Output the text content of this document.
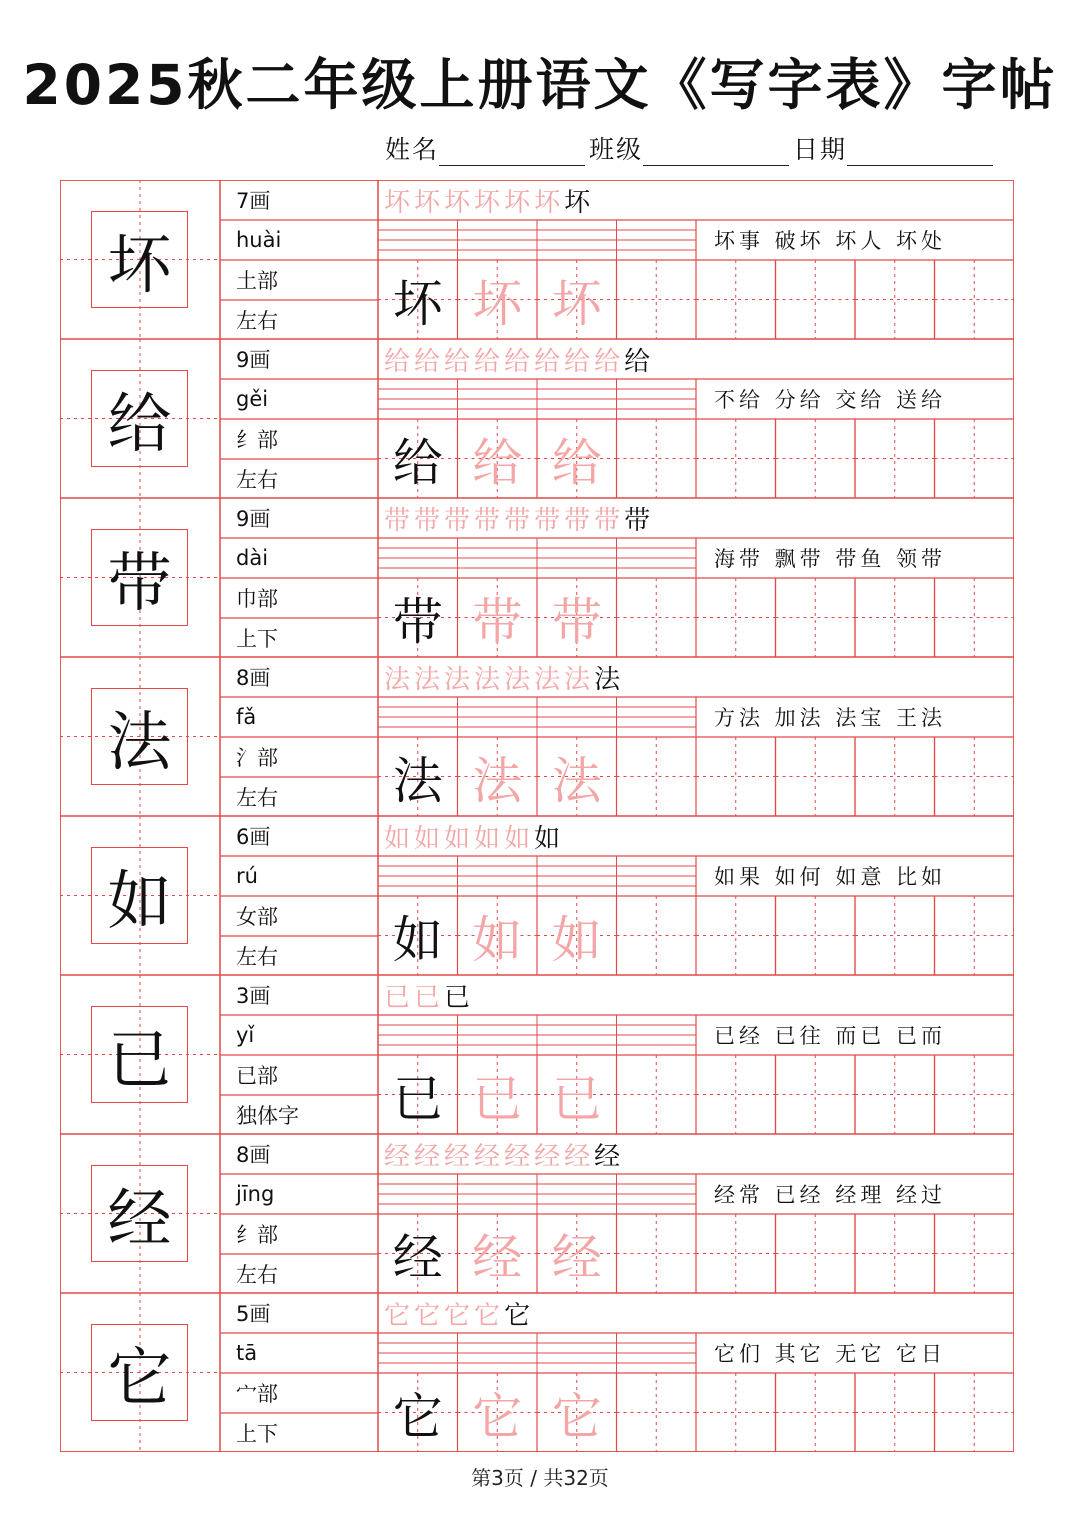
2025秋二年级上册语文《写字表》字帖
姓名	班级	日期
坏
7画
huài
土部
左右
坏 坏 坏 坏 坏 坏 坏
坏事 破坏 坏人 坏处
坏 坏 坏
给
9画
gěi
纟部
左右
给 给 给 给 给 给 给 给 给
不给 分给 交给 送给
给 给 给
带
9画
dài
巾部
上下
带 带 带 带 带 带 带 带 带
海带 飘带 带鱼 领带
带 带 带
法
8画
fǎ
氵部
左右
法 法 法 法 法 法 法 法
方法 加法 法宝 王法
法 法 法
如
6画
rú
女部
左右
如 如 如 如 如 如
如果 如何 如意 比如
如 如 如
已
3画
yǐ
已部
独体字
已 已 已
已经 已往 而已 已而
已 已 已
经
8画
jīng
纟部
左右
经 经 经 经 经 经 经 经
经常 已经 经理 经过
经 经 经
它
5画
tā
宀部
上下
它 它 它 它 它
它们 其它 无它 它日
它 它 它
第3页 / 共32页
